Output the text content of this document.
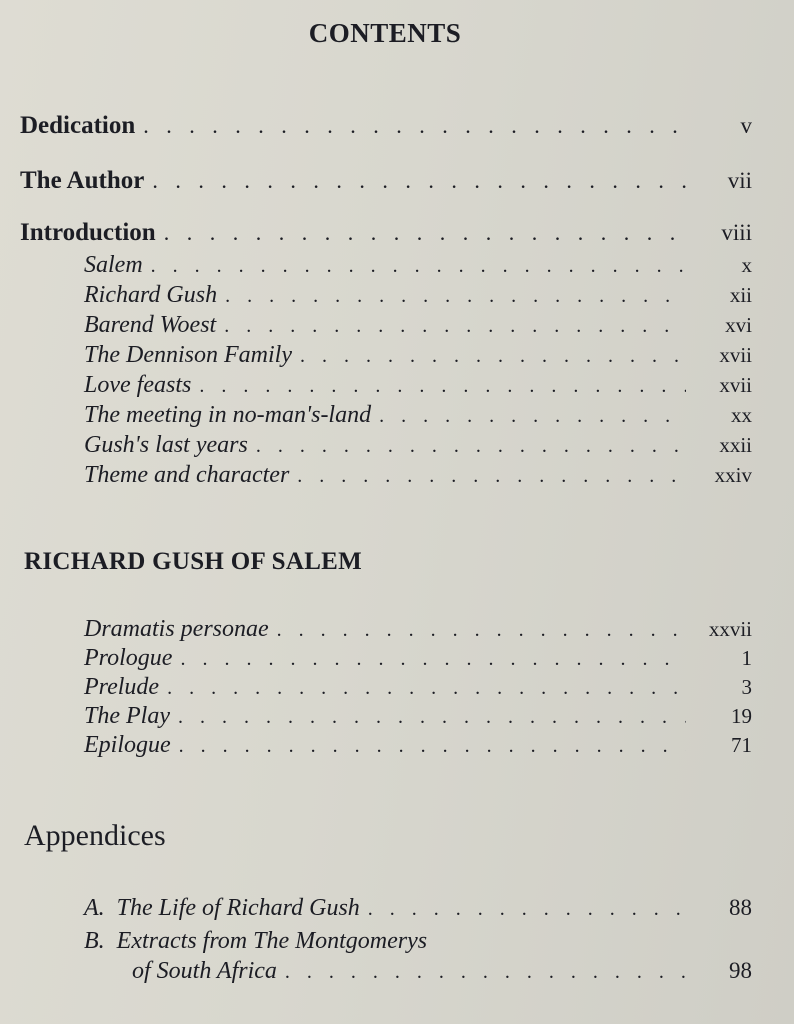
CONTENTS
Dedication . . .	v
The Author . . .	vii
Introduction . . .	viii
Salem . . .	x
Richard Gush . . .	xii
Barend Woest . . .	xvi
The Dennison Family . . .	xvii
Love feasts . . .	xvii
The meeting in no-man's-land . . .	xx
Gush's last years . . .	xxii
Theme and character . . .	xxiv
RICHARD GUSH OF SALEM
Dramatis personae . . .	xxvii
Prologue . . .	1
Prelude . . .	3
The Play . . .	19
Epilogue . . .	71
Appendices
A. The Life of Richard Gush . . .	88
B. Extracts from The Montgomerys
of South Africa . . .	98
